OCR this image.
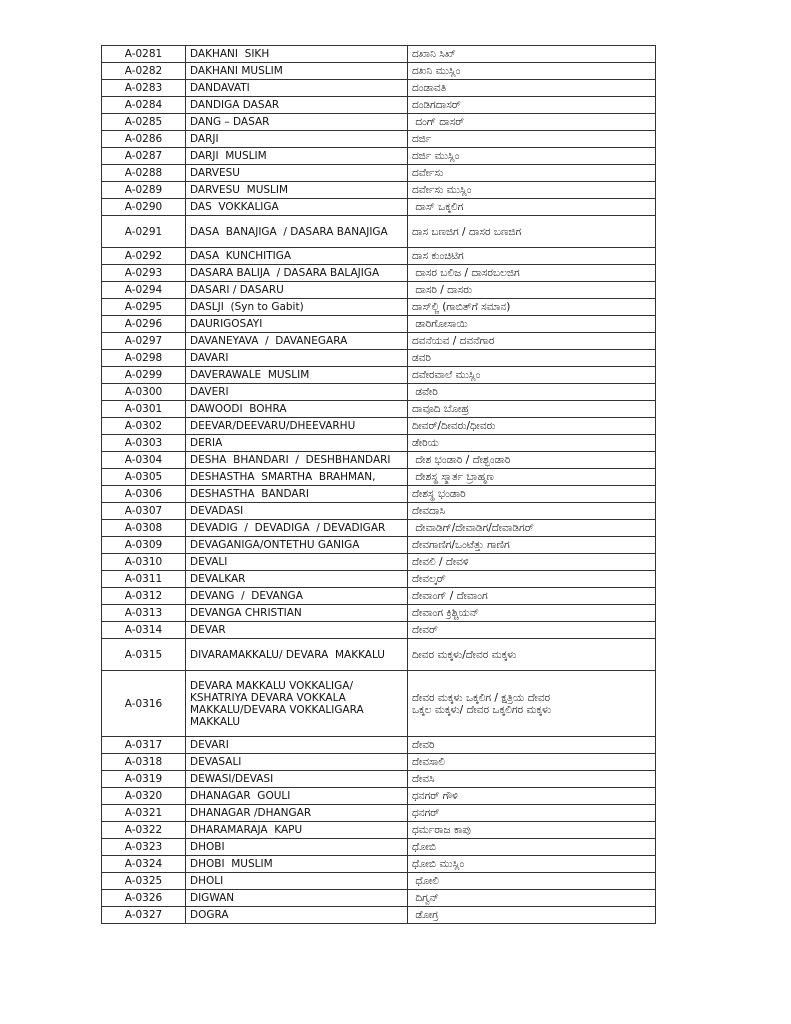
A-0281	DAKHANI  SIKH	ದಖಾನಿ ಸಿಖ್
A-0282	DAKHANI MUSLIM	ದಖನಿ ಮುಸ್ಲಿಂ
A-0283	DANDAVATI	ದಂಡಾವತಿ
A-0284	DANDIGA DASAR	ದಂಡಿಗದಾಸರ್
A-0285	DANG – DASAR	ದಂಗ್ ದಾಸರ್
A-0286	DARJI	ದರ್ಜಿ
A-0287	DARJI  MUSLIM	ದರ್ಜಿ ಮುಸ್ಲಿಂ
A-0288	DARVESU	ದರ್ವೇಸು
A-0289	DARVESU  MUSLIM	ದರ್ವೇಸು ಮುಸ್ಲಿಂ
A-0290	DAS  VOKKALIGA	ದಾಸ್ ಒಕ್ಕಲಿಗ
A-0291	DASA  BANAJIGA  / DASARA BANAJIGA	ದಾಸ ಬಣಜಿಗ / ದಾಸರ ಬಣಜಿಗ
A-0292	DASA  KUNCHITIGA	ದಾಸ ಕುಂಚಿಟಿಗ
A-0293	DASARA BALIJA  / DASARA BALAJIGA	ದಾಸರ ಬಲಿಜ / ದಾಸರಬಲಜಿಗ
A-0294	DASARI / DASARU	ದಾಸರಿ / ದಾಸರು
A-0295	DASLJI  (Syn to Gabit)	ದಾಸ್‌ಲ್ಜಿ (ಗಾಬಿತ್‌ಗೆ ಸಮಾನ)
A-0296	DAURIGOSAYI	ಡಾರಿಗೋಸಾಯಿ
A-0297	DAVANEYAVA  /  DAVANEGARA	ದವನೆಯವ / ದವನೆಗಾರ
A-0298	DAVARI	ಡವರಿ
A-0299	DAVERAWALE  MUSLIM	ದವೇರವಾಲೆ ಮುಸ್ಲಿಂ
A-0300	DAVERI	ಡವೇರಿ
A-0301	DAWOODI  BOHRA	ದಾವೂದಿ ಬೋಹ್ರ
A-0302	DEEVAR/DEEVARU/DHEEVARHU	ದೀವರ್/ದೀವರು/ಧೀವರು
A-0303	DERIA	ಡೇರಿಯ
A-0304	DESHA  BHANDARI  /  DESHBHANDARI	ದೇಶ ಭಂಡಾರಿ / ದೇಶ್ಭಂಡಾರಿ
A-0305	DESHASTHA  SMARTHA  BRAHMAN,	ದೇಶಸ್ಥ ಸ್ಮಾರ್ತ ಬ್ರಾಹ್ಮಣ
A-0306	DESHASTHA  BANDARI	ದೇಶಸ್ಥ ಭಂಡಾರಿ
A-0307	DEVADASI	ದೇವದಾಸಿ
A-0308	DEVADIG  /  DEVADIGA  / DEVADIGAR	ದೇವಾಡಿಗ್/ದೇವಾಡಿಗ/ದೇವಾಡಿಗರ್
A-0309	DEVAGANIGA/ONTETHU GANIGA	ದೇವಗಾಣಿಗ/ಒಂಟೆತ್ತು ಗಾಣಿಗ
A-0310	DEVALI	ದೇವಲಿ / ದೇವಳಿ
A-0311	DEVALKAR	ದೇವಲ್ಕರ್
A-0312	DEVANG  /  DEVANGA	ದೇವಾಂಗ್ / ದೇವಾಂಗ
A-0313	DEVANGA CHRISTIAN	ದೇವಾಂಗ ಕ್ರಿಶ್ಚಿಯನ್
A-0314	DEVAR	ದೇವರ್
A-0315	DIVARAMAKKALU/ DEVARA  MAKKALU	ದೀವರ ಮಕ್ಕಳು/ದೇವರ ಮಕ್ಕಳು
A-0316	DEVARA MAKKALU VOKKALIGA/
KSHATRIYA DEVARA VOKKALA
MAKKALU/DEVARA VOKKALIGARA
MAKKALU	ದೇವರ ಮಕ್ಕಳು ಒಕ್ಕಲಿಗ / ಕ್ಷತ್ರಿಯ ದೇವರ
ಒಕ್ಕಲ ಮಕ್ಕಳು/ ದೇವರ ಒಕ್ಕಲಿಗರ ಮಕ್ಕಳು
A-0317	DEVARI	ದೇವರಿ
A-0318	DEVASALI	ದೇವಸಾಲಿ
A-0319	DEWASI/DEVASI	ದೇವಸಿ
A-0320	DHANAGAR  GOULI	ಧನಗರ್ ಗೌಳಿ
A-0321	DHANAGAR /DHANGAR	ಧನಗರ್
A-0322	DHARAMARAJA  KAPU	ಧರ್ಮರಾಜ ಕಾಪು
A-0323	DHOBI	ಧೋಬಿ
A-0324	DHOBI  MUSLIM	ಧೋಬಿ ಮುಸ್ಲಿಂ
A-0325	DHOLI	ಧೋಲಿ
A-0326	DIGWAN	ದಿಗ್ವನ್
A-0327	DOGRA	ಡೋಗ್ರ
